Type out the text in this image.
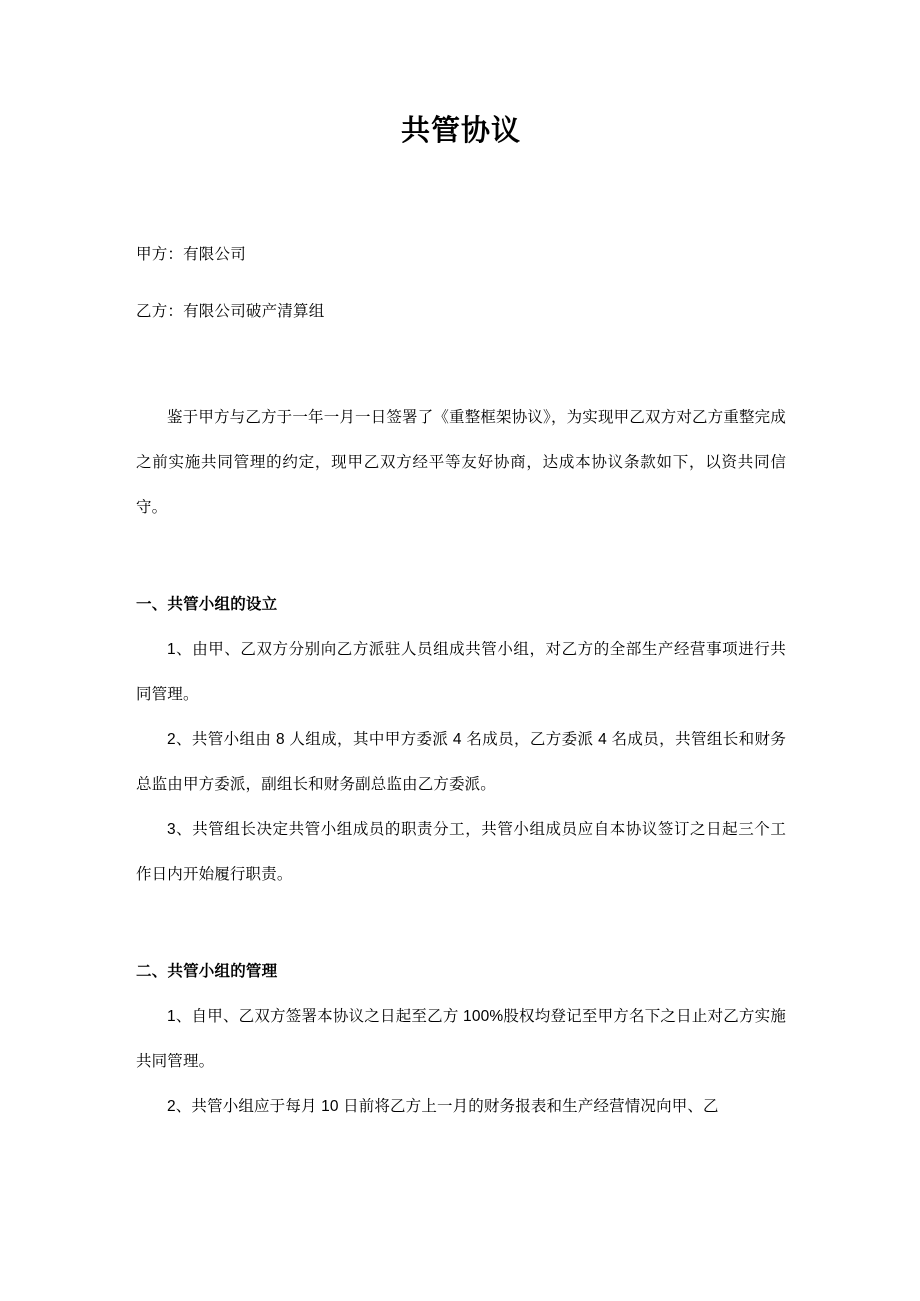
共管协议

甲方：有限公司

乙方：有限公司破产清算组

鉴于甲方与乙方于一年一月一日签署了《重整框架协议》，为实现甲乙双方对乙方重整完成之前实施共同管理的约定，现甲乙双方经平等友好协商，达成本协议条款如下，以资共同信守。

一、共管小组的设立

1、由甲、乙双方分别向乙方派驻人员组成共管小组，对乙方的全部生产经营事项进行共同管理。

2、共管小组由 8 人组成，其中甲方委派 4 名成员，乙方委派 4 名成员，共管组长和财务总监由甲方委派，副组长和财务副总监由乙方委派。

3、共管组长决定共管小组成员的职责分工，共管小组成员应自本协议签订之日起三个工作日内开始履行职责。

二、共管小组的管理

1、自甲、乙双方签署本协议之日起至乙方 100%股权均登记至甲方名下之日止对乙方实施共同管理。

2、共管小组应于每月 10 日前将乙方上一月的财务报表和生产经营情况向甲、乙
